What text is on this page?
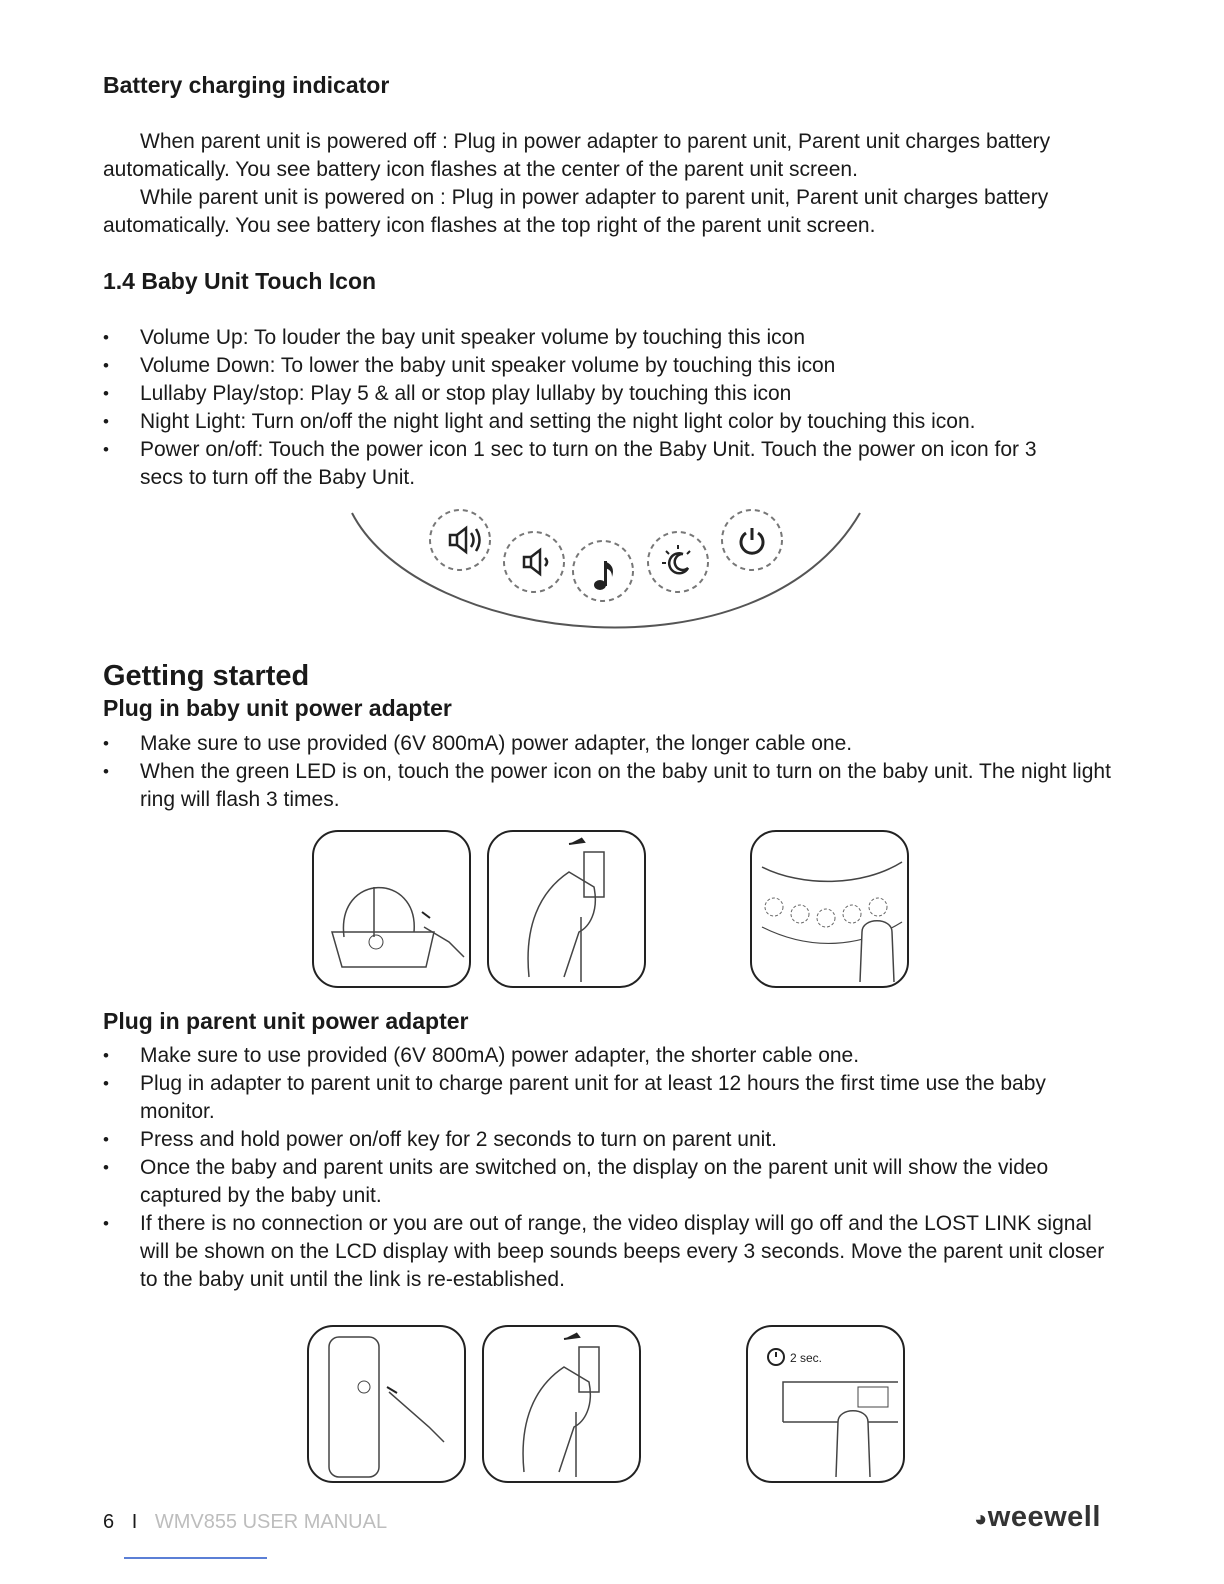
Battery charging indicator
When parent unit is powered off : Plug in power adapter to parent unit, Parent unit charges battery
automatically. You see battery icon flashes at the center of the parent unit screen.
While parent unit is powered on : Plug in power adapter to parent unit, Parent unit charges battery
automatically. You see battery icon flashes at the top right of the parent unit screen.
1.4 Baby Unit Touch Icon
• Volume Up: To louder the bay unit speaker volume by touching this icon
• Volume Down: To lower the baby unit speaker volume by touching this icon
• Lullaby Play/stop: Play 5 & all or stop play lullaby by touching this icon
• Night Light: Turn on/off the night light and setting the night light color by touching this icon.
• Power on/off: Touch the power icon 1 sec to turn on the Baby Unit. Touch the power on icon for 3 secs to turn off the Baby Unit.
Getting started
Plug in baby unit power adapter
• Make sure to use provided (6V 800mA) power adapter, the longer cable one.
• When the green LED is on, touch the power icon on the baby unit to turn on the baby unit. The night light ring will flash 3 times.
Plug in parent unit power adapter
• Make sure to use provided (6V 800mA) power adapter, the shorter cable one.
• Plug in adapter to parent unit to charge parent unit for at least 12 hours the first time use the baby monitor.
• Press and hold power on/off key for 2 seconds to turn on parent unit.
• Once the baby and parent units are switched on, the display on the parent unit will show the video captured by the baby unit.
• If there is no connection or you are out of range, the video display will go off and the LOST LINK signal will be shown on the LCD display with beep sounds beeps every 3 seconds. Move the parent unit closer to the baby unit until the link is re-established.
2 sec.
6 I WMV855 USER MANUAL	◕weewell
